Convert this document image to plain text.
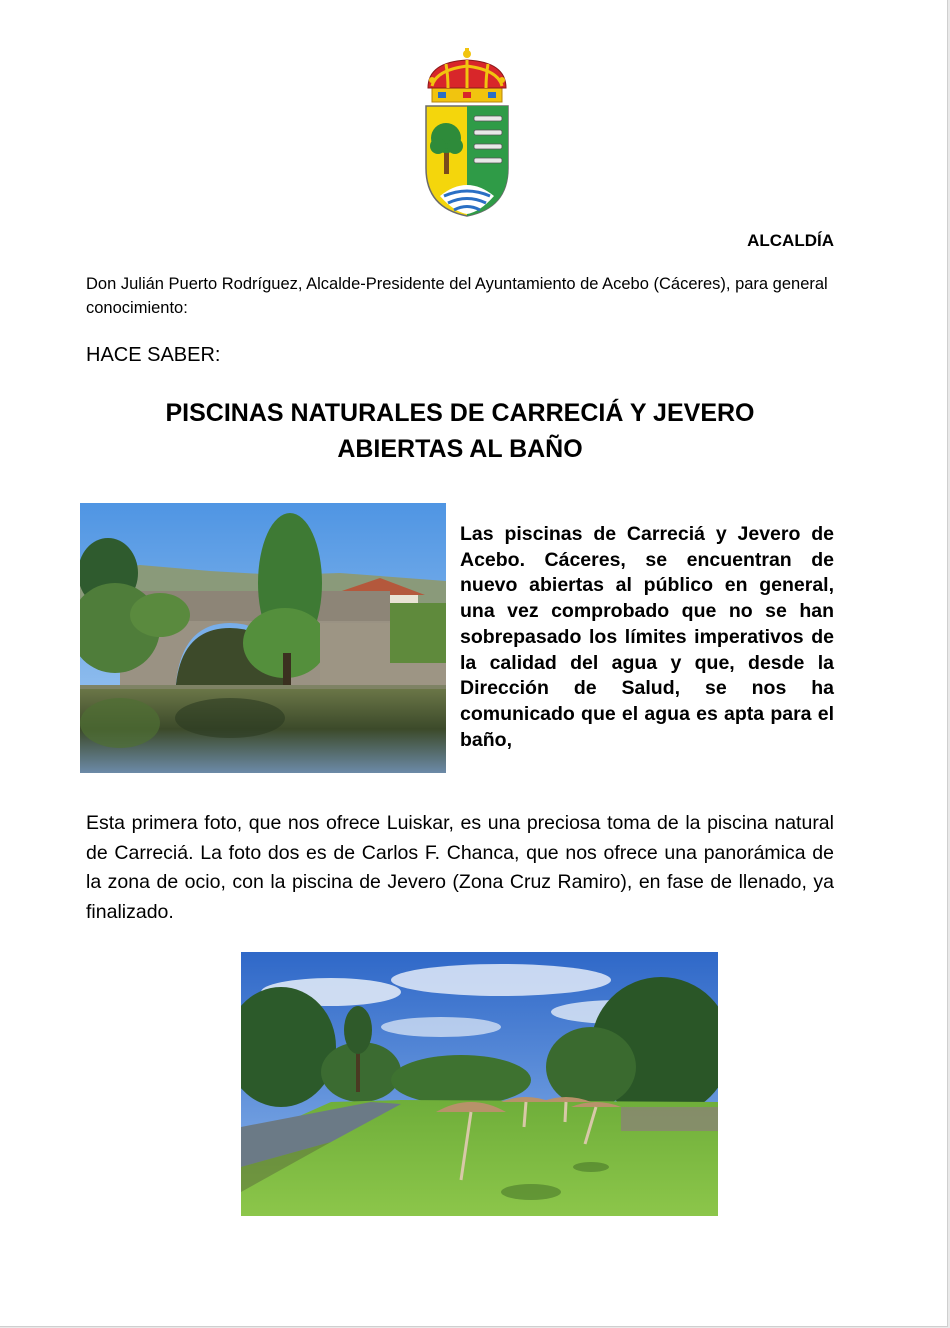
ALCALDÍA
Don Julián Puerto Rodríguez, Alcalde-Presidente del Ayuntamiento de Acebo (Cáceres), para general conocimiento:
HACE SABER:
PISCINAS NATURALES DE CARRECIÁ Y JEVERO
ABIERTAS AL BAÑO
Las piscinas de Carreciá y Jevero de Acebo. Cáceres, se encuentran de nuevo abiertas al público en general, una vez comprobado que no se han sobrepasado los límites imperativos de la calidad del agua y que, desde la Dirección de Salud, se nos ha comunicado que el agua es apta para el baño,
Esta primera foto, que nos ofrece Luiskar, es una preciosa toma de la piscina natural de Carreciá. La foto dos es de Carlos F. Chanca, que nos ofrece una panorámica de la zona de ocio, con la piscina de Jevero (Zona Cruz Ramiro), en fase de llenado, ya finalizado.
